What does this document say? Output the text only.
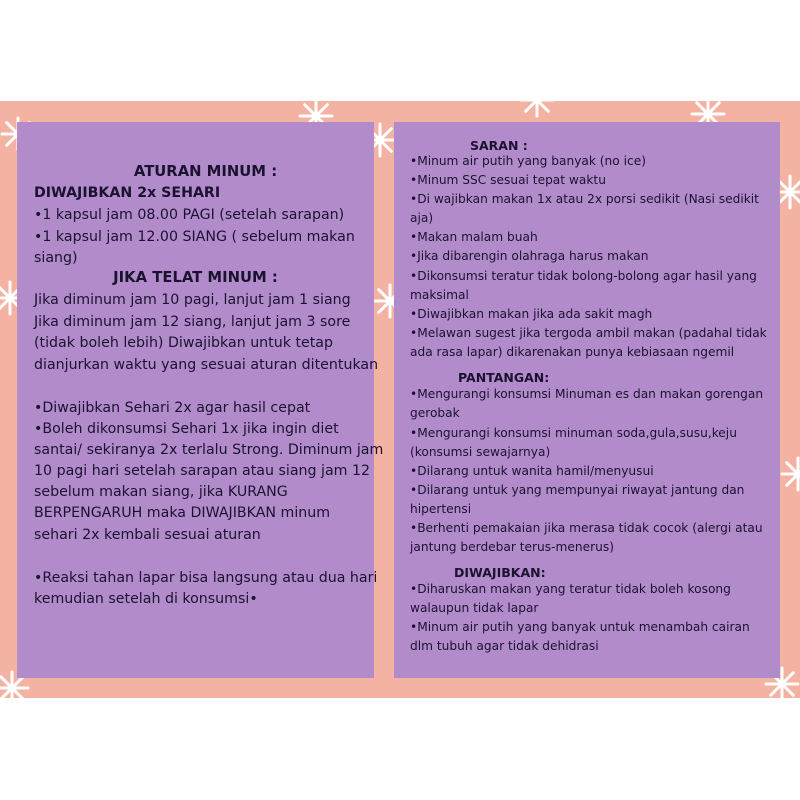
ATURAN MINUM :
DIWAJIBKAN 2x SEHARI
•1 kapsul jam 08.00 PAGI (setelah sarapan)
•1 kapsul jam 12.00 SIANG ( sebelum makan
siang)
JIKA TELAT MINUM :
Jika diminum jam 10 pagi, lanjut jam 1 siang
Jika diminum jam 12 siang, lanjut jam 3 sore
(tidak boleh lebih) Diwajibkan untuk tetap
dianjurkan waktu yang sesuai aturan ditentukan
•Diwajibkan Sehari 2x agar hasil cepat
•Boleh dikonsumsi Sehari 1x jika ingin diet
santai/ sekiranya 2x terlalu Strong. Diminum jam
10 pagi hari setelah sarapan atau siang jam 12
sebelum makan siang, jika KURANG
BERPENGARUH maka DIWAJIBKAN minum
sehari 2x kembali sesuai aturan
•Reaksi tahan lapar bisa langsung atau dua hari
kemudian setelah di konsumsi•
SARAN :
•Minum air putih yang banyak (no ice)
•Minum SSC sesuai tepat waktu
•Di wajibkan makan 1x atau 2x porsi sedikit (Nasi sedikit
aja)
•Makan malam buah
•Jika dibarengin olahraga harus makan
•Dikonsumsi teratur tidak bolong-bolong agar hasil yang
maksimal
•Diwajibkan makan jika ada sakit magh
•Melawan sugest jika tergoda ambil makan (padahal tidak
ada rasa lapar) dikarenakan punya kebiasaan ngemil
PANTANGAN:
•Mengurangi konsumsi Minuman es dan makan gorengan
gerobak
•Mengurangi konsumsi minuman soda,gula,susu,keju
(konsumsi sewajarnya)
•Dilarang untuk wanita hamil/menyusui
•Dilarang untuk yang mempunyai riwayat jantung dan
hipertensi
•Berhenti pemakaian jika merasa tidak cocok (alergi atau
jantung berdebar terus-menerus)
DIWAJIBKAN:
•Diharuskan makan yang teratur tidak boleh kosong
walaupun tidak lapar
•Minum air putih yang banyak untuk menambah cairan
dlm tubuh agar tidak dehidrasi
